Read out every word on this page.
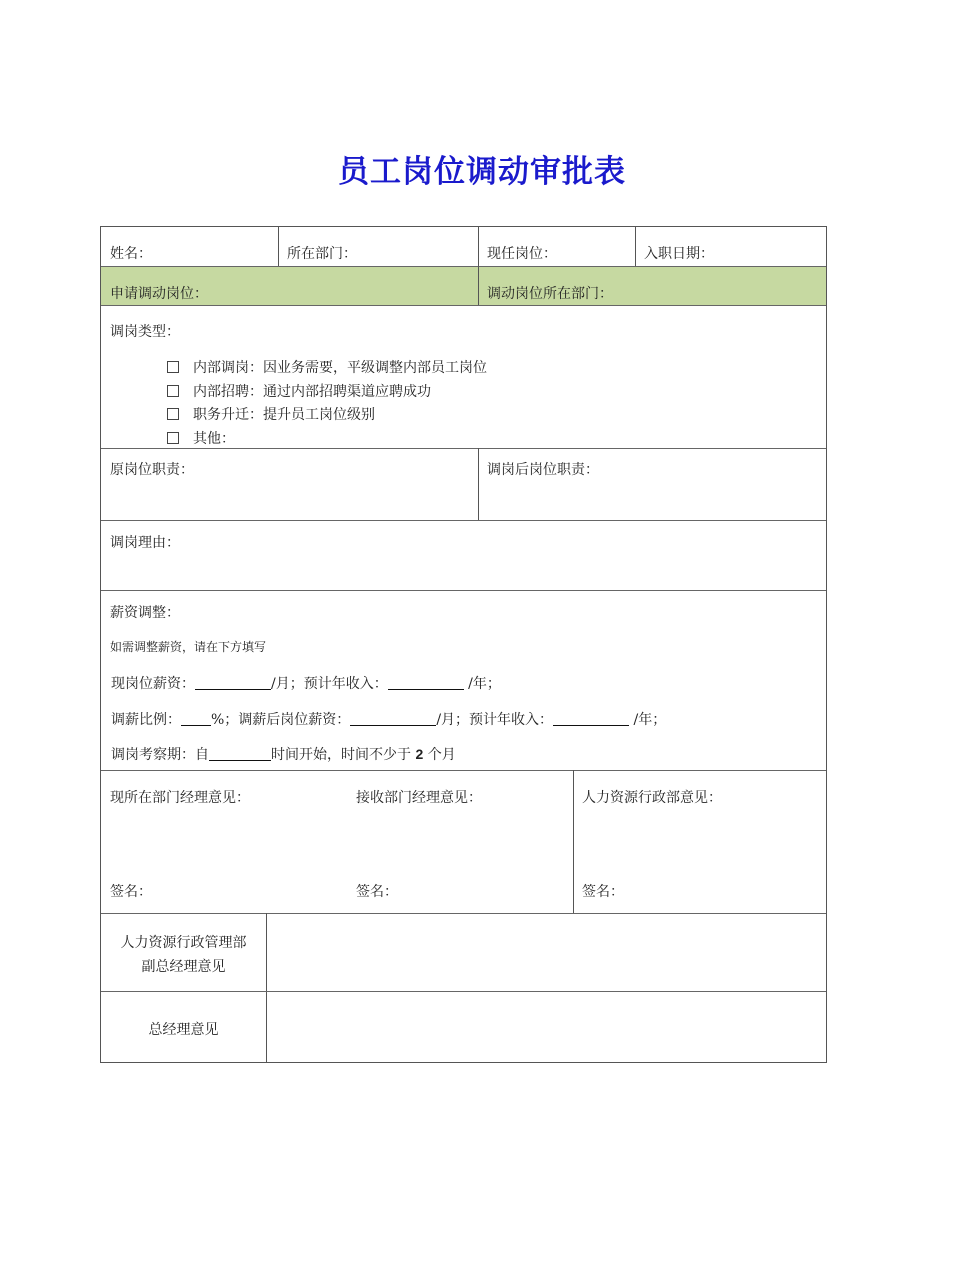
员工岗位调动审批表
姓名：	所在部门：	现任岗位：	入职日期：
申请调动岗位：	调动岗位所在部门：
调岗类型：
内部调岗：因业务需要，平级调整内部员工岗位
内部招聘：通过内部招聘渠道应聘成功
职务升迁：提升员工岗位级别
其他：
原岗位职责：	调岗后岗位职责：
调岗理由：
薪资调整：
如需调整薪资，请在下方填写
现岗位薪资：	/月；预计年收入：	/年；
调薪比例： %；调薪后岗位薪资：	/月；预计年收入：	/年；
调岗考察期：自	时间开始，时间不少于 2 个月
现所在部门经理意见：	接收部门经理意见：	人力资源行政部意见：
签名：	签名：	签名：
人力资源行政管理部
副总经理意见
总经理意见
